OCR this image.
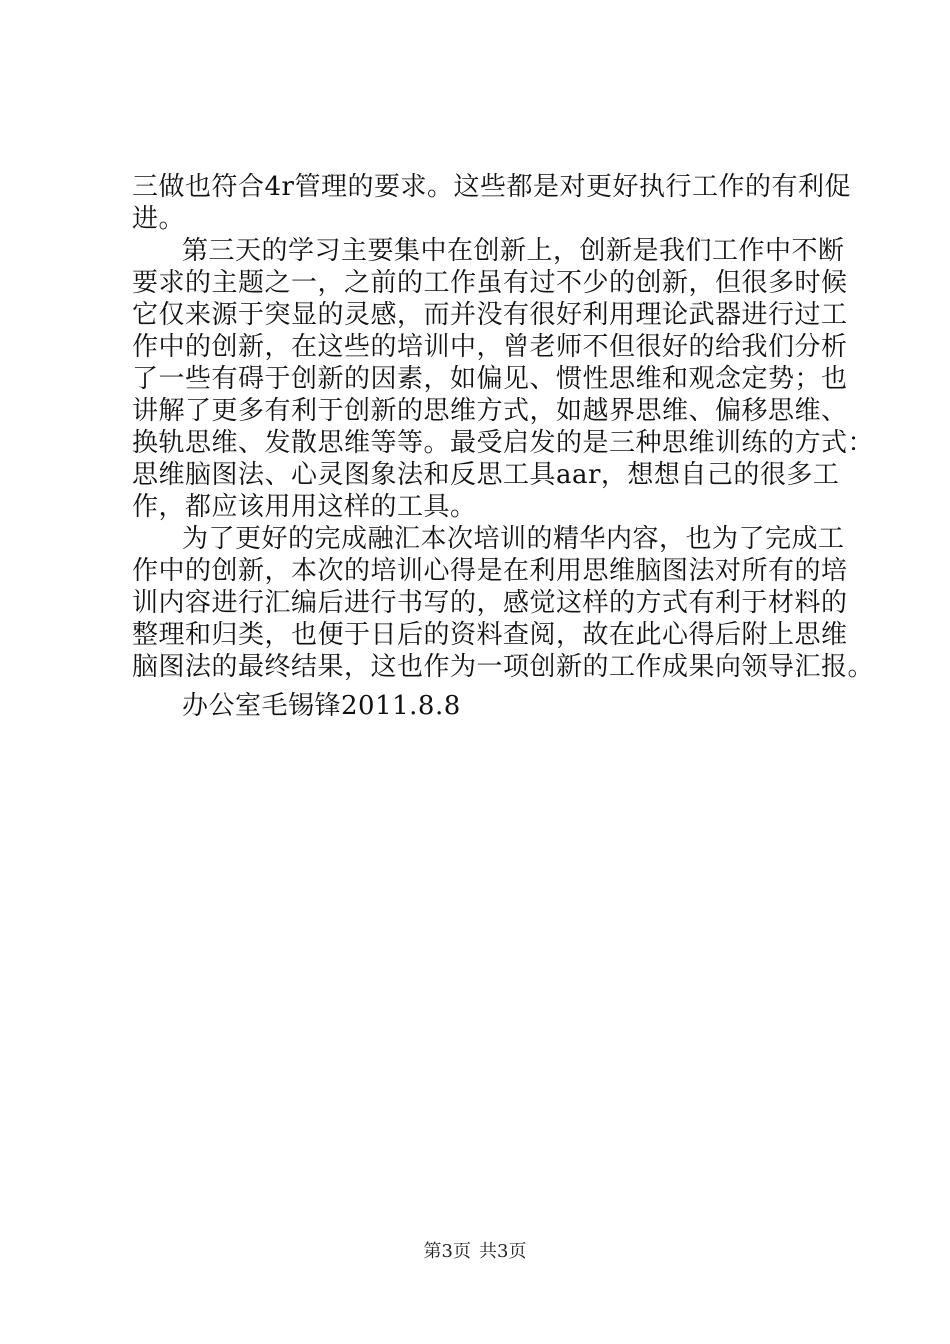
三做也符合4r管理的要求。这些都是对更好执行工作的有利促
进。
第三天的学习主要集中在创新上，创新是我们工作中不断
要求的主题之一，之前的工作虽有过不少的创新，但很多时候
它仅来源于突显的灵感，而并没有很好利用理论武器进行过工
作中的创新，在这些的培训中，曾老师不但很好的给我们分析
了一些有碍于创新的因素，如偏见、惯性思维和观念定势；也
讲解了更多有利于创新的思维方式，如越界思维、偏移思维、
换轨思维、发散思维等等。最受启发的是三种思维训练的方式：
思维脑图法、心灵图象法和反思工具aar，想想自己的很多工
作，都应该用用这样的工具。
为了更好的完成融汇本次培训的精华内容，也为了完成工
作中的创新，本次的培训心得是在利用思维脑图法对所有的培
训内容进行汇编后进行书写的，感觉这样的方式有利于材料的
整理和归类，也便于日后的资料查阅，故在此心得后附上思维
脑图法的最终结果，这也作为一项创新的工作成果向领导汇报。
办公室毛锡锋2011.8.8
第3页 共3页
